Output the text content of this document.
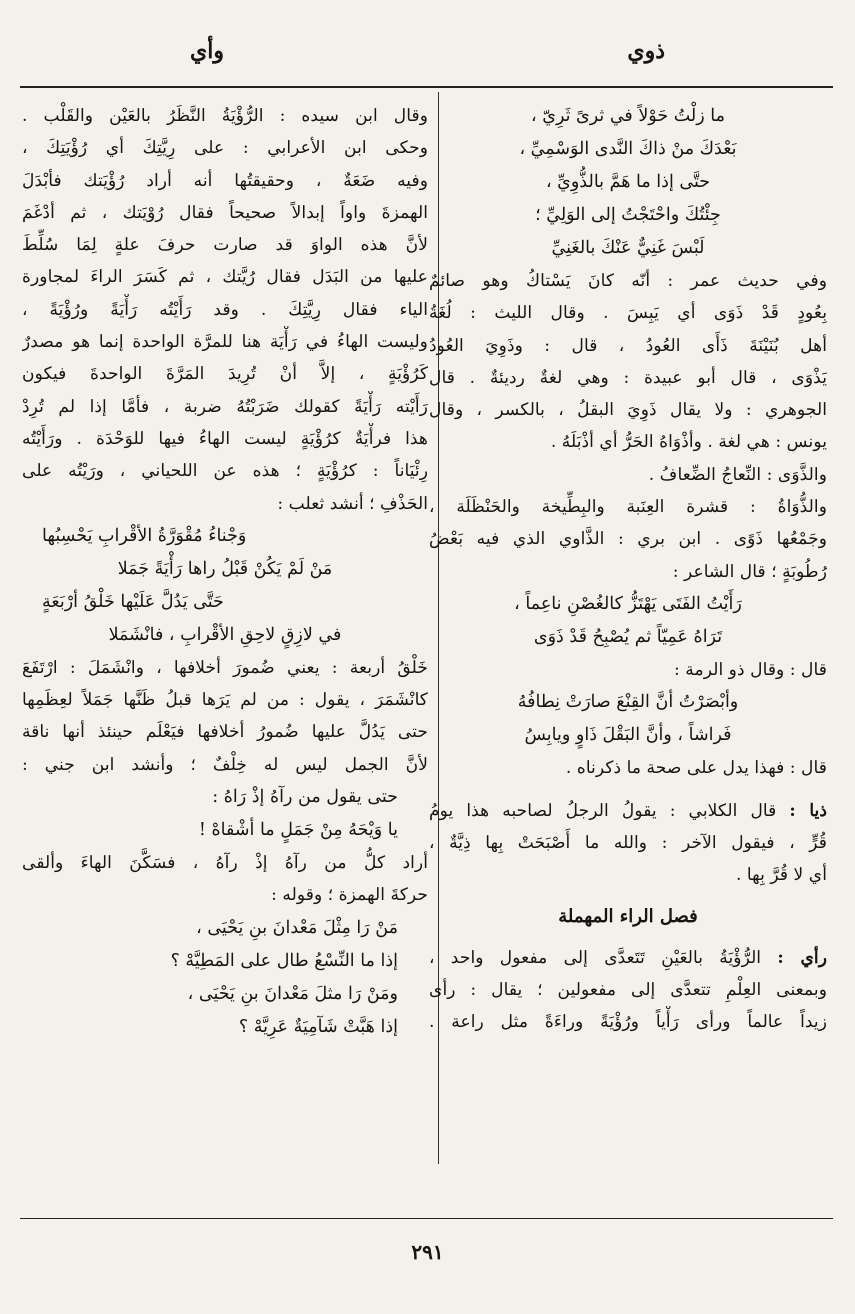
ذوي
وأي
ما زلْتُ حَوْلاً في ثرىً ثَرِيّ ،
بَعْدَكَ منْ ذاكَ النَّدى الوَسْمِيِّ ،
حتَّى إذا ما هَمَّ بالذُّوِيِّ ،
جِئْتُكَ واحْتَجْتُ إلى الوَلِيِّ ؛
لَبْسَ غَنِيٌّ عَنْكَ بالغَنِيِّ
وفي حديث عمر : أنّه كانَ يَسْتاكُ وهو صائمٌ
بِعُودٍ قَدْ ذَوَى أي يَبِسَ . وقال الليث : لُغَةُ
أهل بُنَيْنَةَ ذَأَى العُودُ ، قال : وذَوِيَ العُودُ
يَذْوَى ، قال أبو عبيدة : وهي لغةٌ رديئةٌ . قال
الجوهري : ولا يقال ذَوِيَ البقلُ ، بالكسر ، وقال
يونس : هي لغة . وأذْوَاهُ الحَرُّ أي أذْبَلَهُ .
والذَّوَى : النِّعاجُ الضِّعافُ .
والذُّوَاةُ : قشرة العِنَبة والبِطِّيخة والحَنْظَلَة ،
وجَمْعُها ذَوًى . ابن بري : الذَّاوي الذي فيه بَعْضُ
رُطُوبَةٍ ؛ قال الشاعر :
رَأَيْتُ الفَتَى يَهْتَزُّ كالغُصْنِ ناعِماً ،
تَرَاهُ عَمِيّاً ثم يُصْبِحُ قَدْ ذَوَى
قال : وقال ذو الرمة :
وأبْصَرْتُ أنَّ القِنْعَ صارَتْ نِطافُهُ
فَراشاً ، وأنَّ البَقْلَ ذَاوٍ ويابِسُ
قال : فهذا يدل على صحة ما ذكرناه .
ذيا : قال الكلابي : يقولُ الرجلُ لصاحبه هذا يومُ
قُرٍّ ، فيقول الآخر : والله ما أَصْبَحَتْ بِها ذِيَّةٌ ،
أي لا قُرَّ بِها .
فصل الراء المهملة
رأي : الرُّؤْيَةُ بالعَيْنِ تَتَعدَّى إلى مفعول واحد ،
وبمعنى العِلْمِ تتعدَّى إلى مفعولين ؛ يقال : رأى
زيداً عالماً ورأى رَأْياً ورُؤْيَةً وراءَةً مثل راعة .
وقال ابن سيده : الرُّؤْيَةُ النَّظَرُ بالعَيْن والقَلْب .
وحكى ابن الأعرابي : على رِيَّتِكَ أي رُؤْيَتِكَ ،
وفيه ضَعَةٌ ، وحقيقتُها أنه أراد رُؤْيَتك فأبْدَلَ
الهمزةَ واواً إبدالاً صحيحاً فقال رُوْيَتك ، ثم أدْغَمَ
لأنَّ هذه الواوَ قد صارت حرفَ علةٍ لِمَا سُلِّطَ
عليها من البَدَل فقال رُيَّتك ، ثم كَسَرَ الراءَ لمجاورة
الياء فقال رِيَّتِكَ . وقد رَأَيْتُه رَأْيَةً ورُؤْيَةً ،
وليست الهاءُ في رَأْيَة هنا للمرَّة الواحدة إنما هو مصدرٌ
كَرُؤْيَةٍ ، إلاَّ أنْ تُرِيدَ المَرَّةَ الواحدةَ فيكون
رَأَيْته رَأْيَةً كقولك ضَرَبْتُهُ ضربة ، فأمَّا إذا لم تُرِدْ
هذا فرأْيَةٌ كرُؤْيَةٍ ليست الهاءُ فيها للوَحْدَة . ورَأَيْتُه
رِئْيَاناً : كرُؤْيَةٍ ؛ هذه عن اللحياني ، ورَيْتُه على
الحَذْفِ ؛ أنشد ثعلب :
وَجْناءُ مُقْوَرَّةُ الأقْرابِ يَحْسِبُها
مَنْ لَمْ يَكُنْ قَبْلُ راها رَأْيَةً جَمَلا
حَتَّى يَدُلَّ عَلَيْها خَلْقُ أرْبَعَةٍ
في لازِقٍ لاحِقِ الأقْرابِ ، فانْشَمَلا
خَلْقُ أربعة : يعني ضُمورَ أخلافها ، وانْشَمَلَ : ارْتَفَعَ
كانْشَمَرَ ، يقول : من لم يَرَها قبلُ ظَنَّها جَمَلاً لعِظَمِها
حتى يَدُلَّ عليها ضُمورُ أخلافها فيَعْلَم حينئذ أنها ناقة
لأنَّ الجمل ليس له خِلْفٌ ؛ وأنشد ابن جني :
حتى يقول من رآهُ إذْ رَاهُ :
يا وَيْحَهُ مِنْ جَمَلٍ ما أشْقاهْ !
أراد كلُّ من رآهُ إذْ رآهُ ، فسَكَّنَ الهاءَ وألقى
حركةَ الهمزة ؛ وقوله :
مَنْ رَا مِثْلَ مَعْدانَ بنِ يَحْيَى ،
إذا ما النِّسْعُ طال على المَطِيَّهْ ؟
ومَنْ رَا مثلَ مَعْدانَ بنِ يَحْيَى ،
إذا هَبَّتْ شَآمِيَةٌ عَرِيَّهْ ؟
٢٩١
